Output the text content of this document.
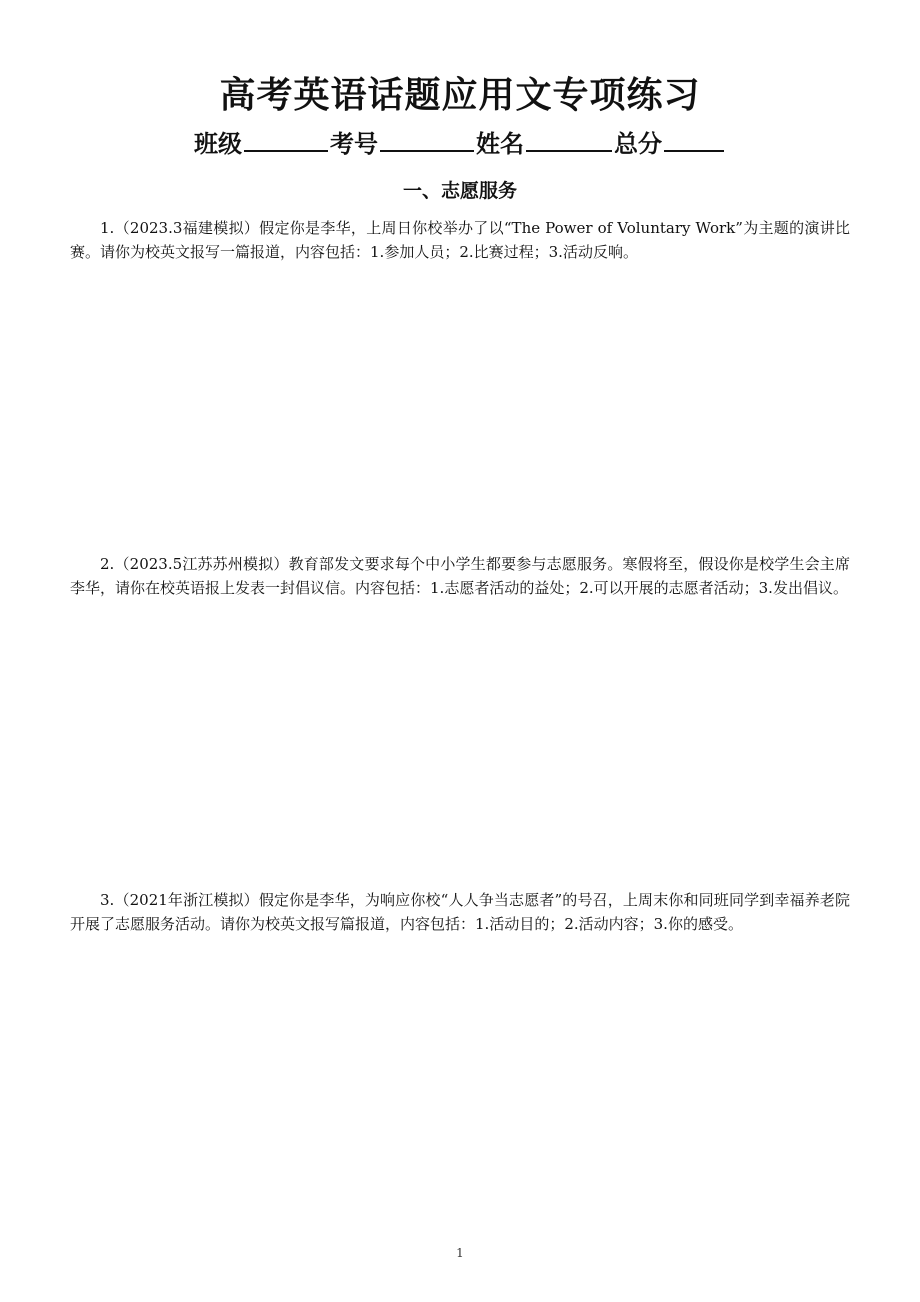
高考英语话题应用文专项练习
班级	考号	姓名	总分
一、志愿服务

1.（2023.3福建模拟）假定你是李华，上周日你校举办了以“The Power of Voluntary Work”为主题的演讲比赛。请你为校英文报写一篇报道，内容包括：1.参加人员；2.比赛过程；3.活动反响。

2.（2023.5江苏苏州模拟）教育部发文要求每个中小学生都要参与志愿服务。寒假将至，假设你是校学生会主席李华，请你在校英语报上发表一封倡议信。内容包括：1.志愿者活动的益处；2.可以开展的志愿者活动；3.发出倡议。

3.（2021年浙江模拟）假定你是李华，为响应你校“人人争当志愿者”的号召，上周末你和同班同学到幸福养老院开展了志愿服务活动。请你为校英文报写篇报道，内容包括：1.活动目的；2.活动内容；3.你的感受。

1
